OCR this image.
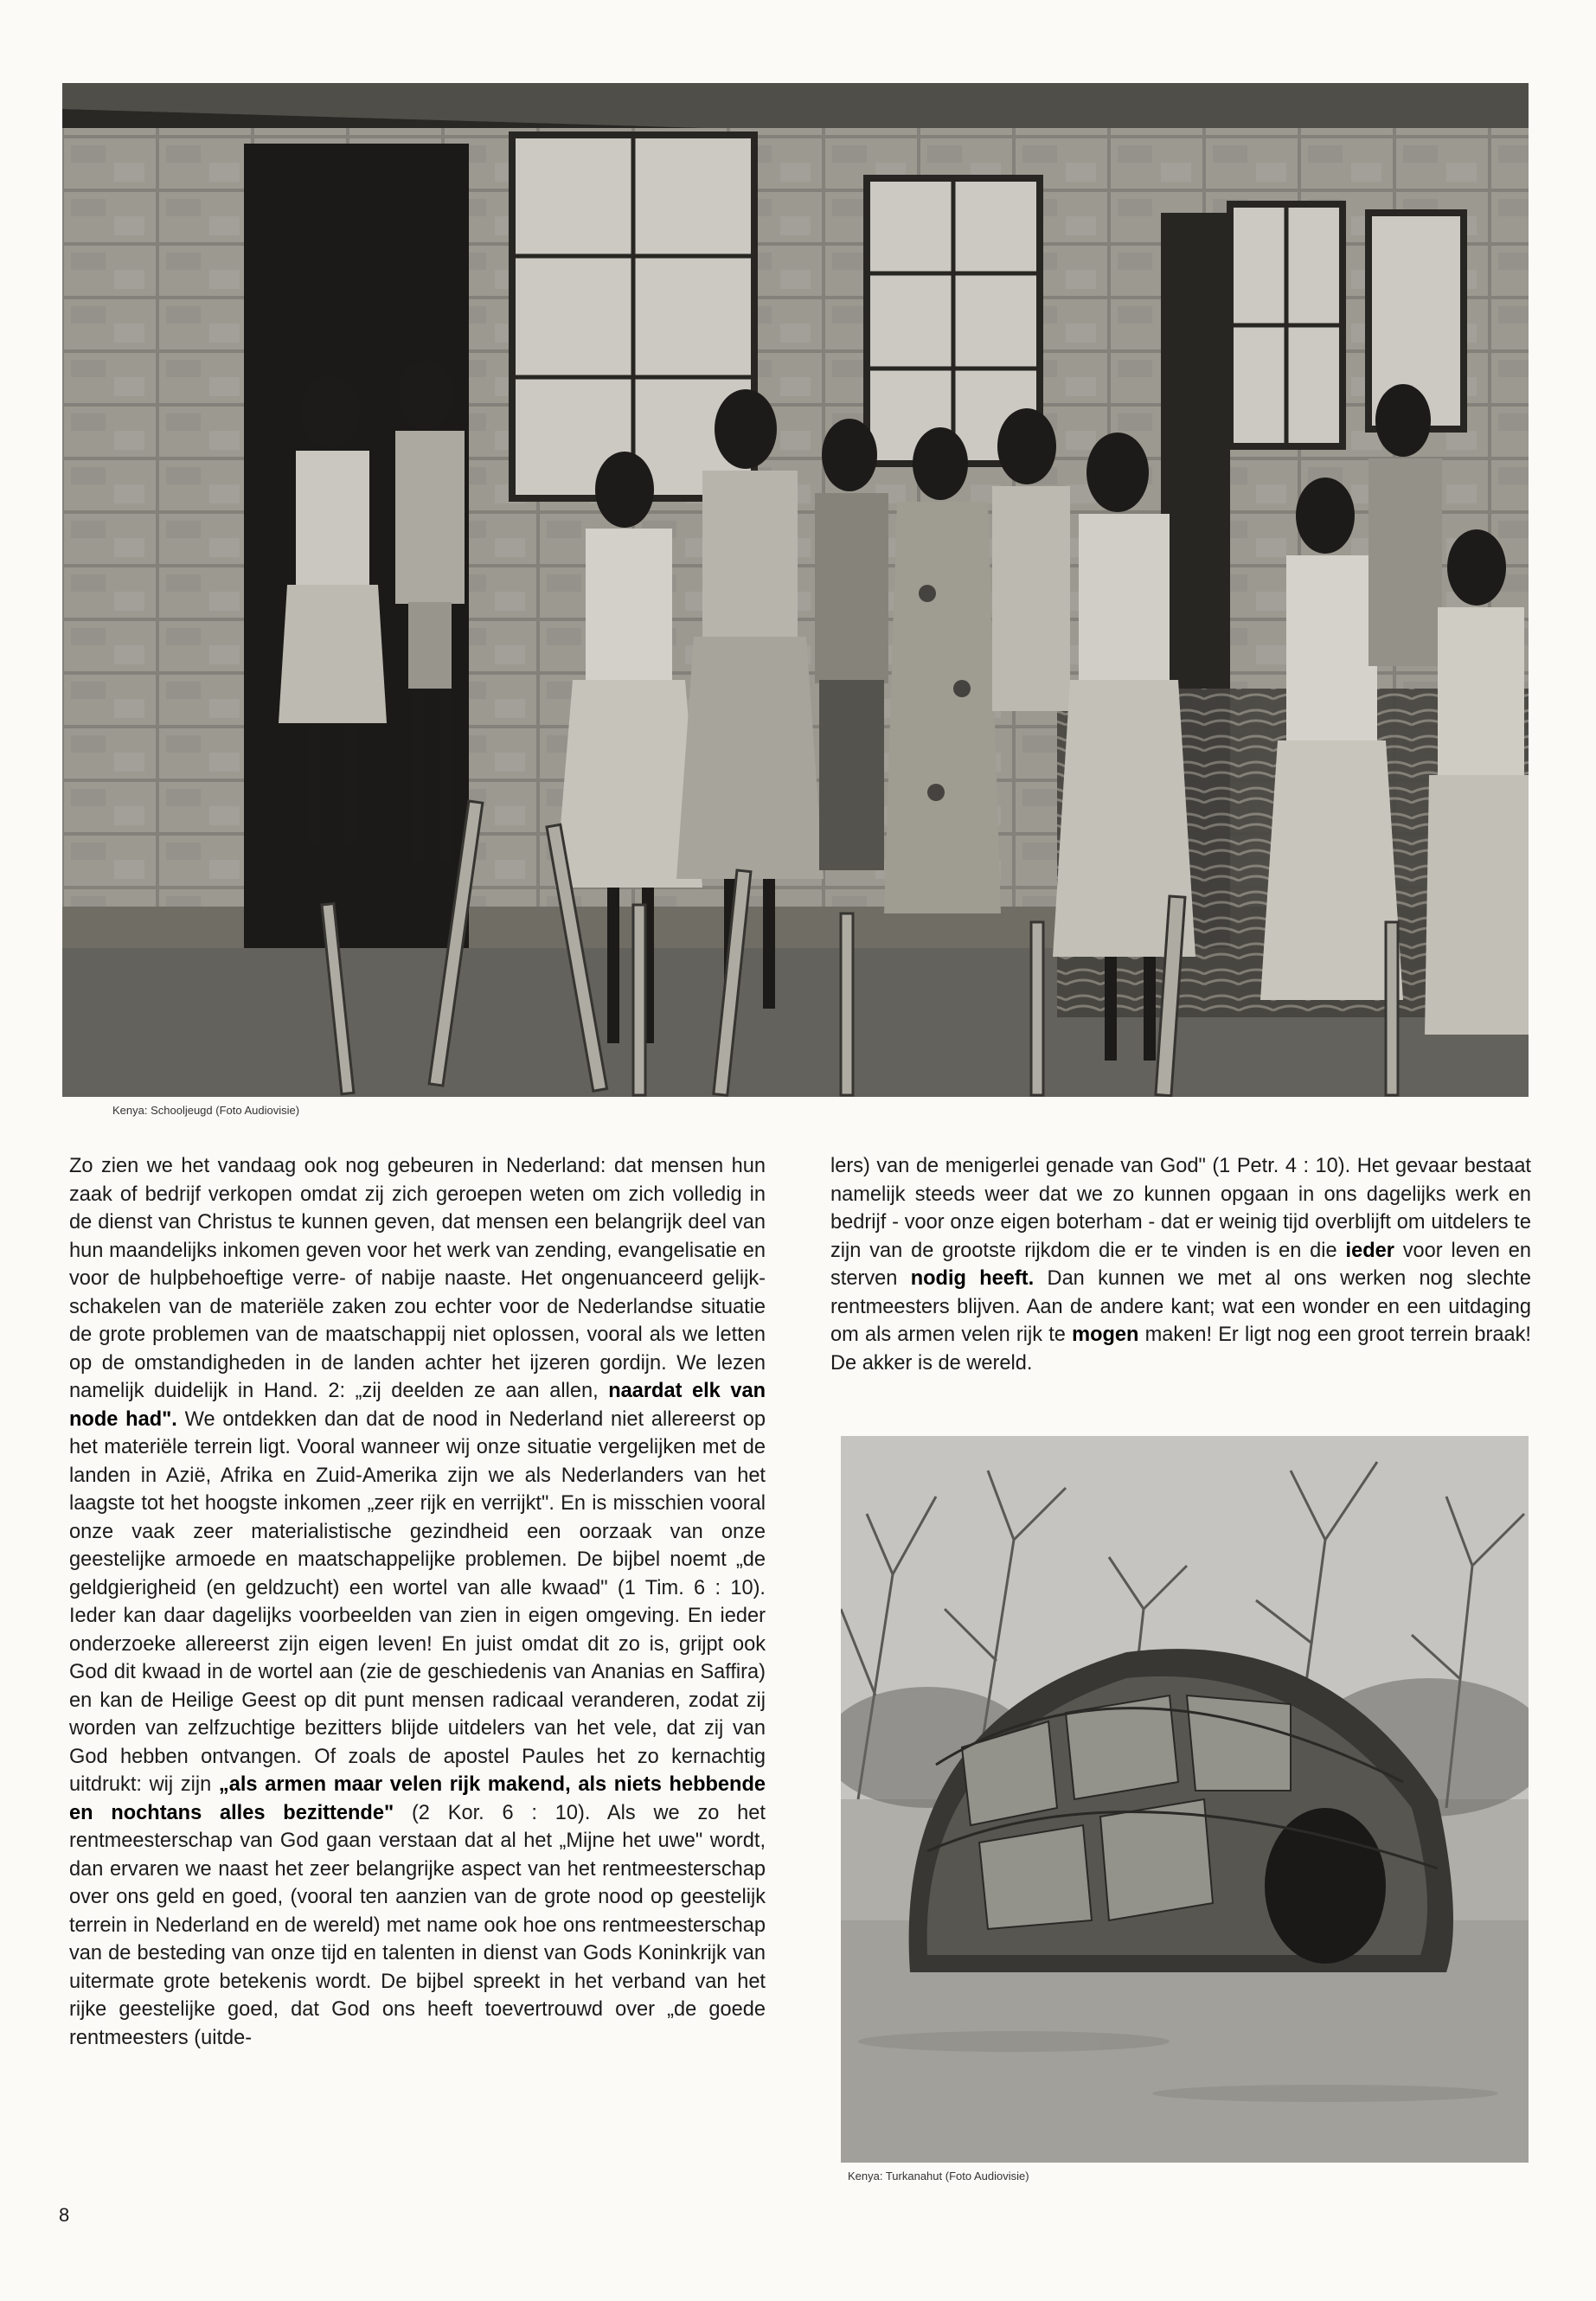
Kenya: Schooljeugd (Foto Audiovisie)

Zo zien we het vandaag ook nog gebeuren in Nederland: dat mensen hun zaak of bedrijf verkopen omdat zij zich geroepen weten om zich volledig in de dienst van Christus te kunnen geven, dat mensen een belangrijk deel van hun maandelijks inkomen geven voor het werk van zending, evangelisatie en voor de hulpbehoeftige verre- of nabije naaste. Het ongenuanceerd gelijkschakelen van de materiële zaken zou echter voor de Nederlandse situatie de grote problemen van de maatschappij niet oplossen, vooral als we letten op de omstandigheden in de landen achter het ijzeren gordijn. We lezen namelijk duidelijk in Hand. 2: „zij deelden ze aan allen, naardat elk van node had". We ontdekken dan dat de nood in Nederland niet allereerst op het materiële terrein ligt. Vooral wanneer wij onze situatie vergelijken met de landen in Azië, Afrika en Zuid-Amerika zijn we als Nederlanders van het laagste tot het hoogste inkomen „zeer rijk en verrijkt". En is misschien vooral onze vaak zeer materialistische gezindheid een oorzaak van onze geestelijke armoede en maatschappelijke problemen. De bijbel noemt „de geldgierigheid (en geldzucht) een wortel van alle kwaad" (1 Tim. 6 : 10). Ieder kan daar dagelijks voorbeelden van zien in eigen omgeving. En ieder onderzoeke allereerst zijn eigen leven! En juist omdat dit zo is, grijpt ook God dit kwaad in de wortel aan (zie de geschiedenis van Ananias en Saffira) en kan de Heilige Geest op dit punt mensen radicaal veranderen, zodat zij worden van zelfzuchtige bezitters blijde uitdelers van het vele, dat zij van God hebben ontvangen. Of zoals de apostel Paules het zo kernachtig uitdrukt: wij zijn „als armen maar velen rijk makend, als niets hebbende en nochtans alles bezittende" (2 Kor. 6 : 10). Als we zo het rentmeesterschap van God gaan verstaan dat al het „Mijne het uwe" wordt, dan ervaren we naast het zeer belangrijke aspect van het rentmeesterschap over ons geld en goed, (vooral ten aanzien van de grote nood op geestelijk terrein in Nederland en de wereld) met name ook hoe ons rentmeesterschap van de besteding van onze tijd en talenten in dienst van Gods Koninkrijk van uitermate grote betekenis wordt. De bijbel spreekt in het verband van het rijke geestelijke goed, dat God ons heeft toevertrouwd over „de goede rentmeesters (uitde-

lers) van de menigerlei genade van God" (1 Petr. 4 : 10). Het gevaar bestaat namelijk steeds weer dat we zo kunnen opgaan in ons dagelijks werk en bedrijf - voor onze eigen boterham - dat er weinig tijd overblijft om uitdelers te zijn van de grootste rijkdom die er te vinden is en die ieder voor leven en sterven nodig heeft. Dan kunnen we met al ons werken nog slechte rentmeesters blijven. Aan de andere kant; wat een wonder en een uitdaging om als armen velen rijk te mogen maken! Er ligt nog een groot terrein braak! De akker is de wereld.

Kenya: Turkanahut (Foto Audiovisie)
8
